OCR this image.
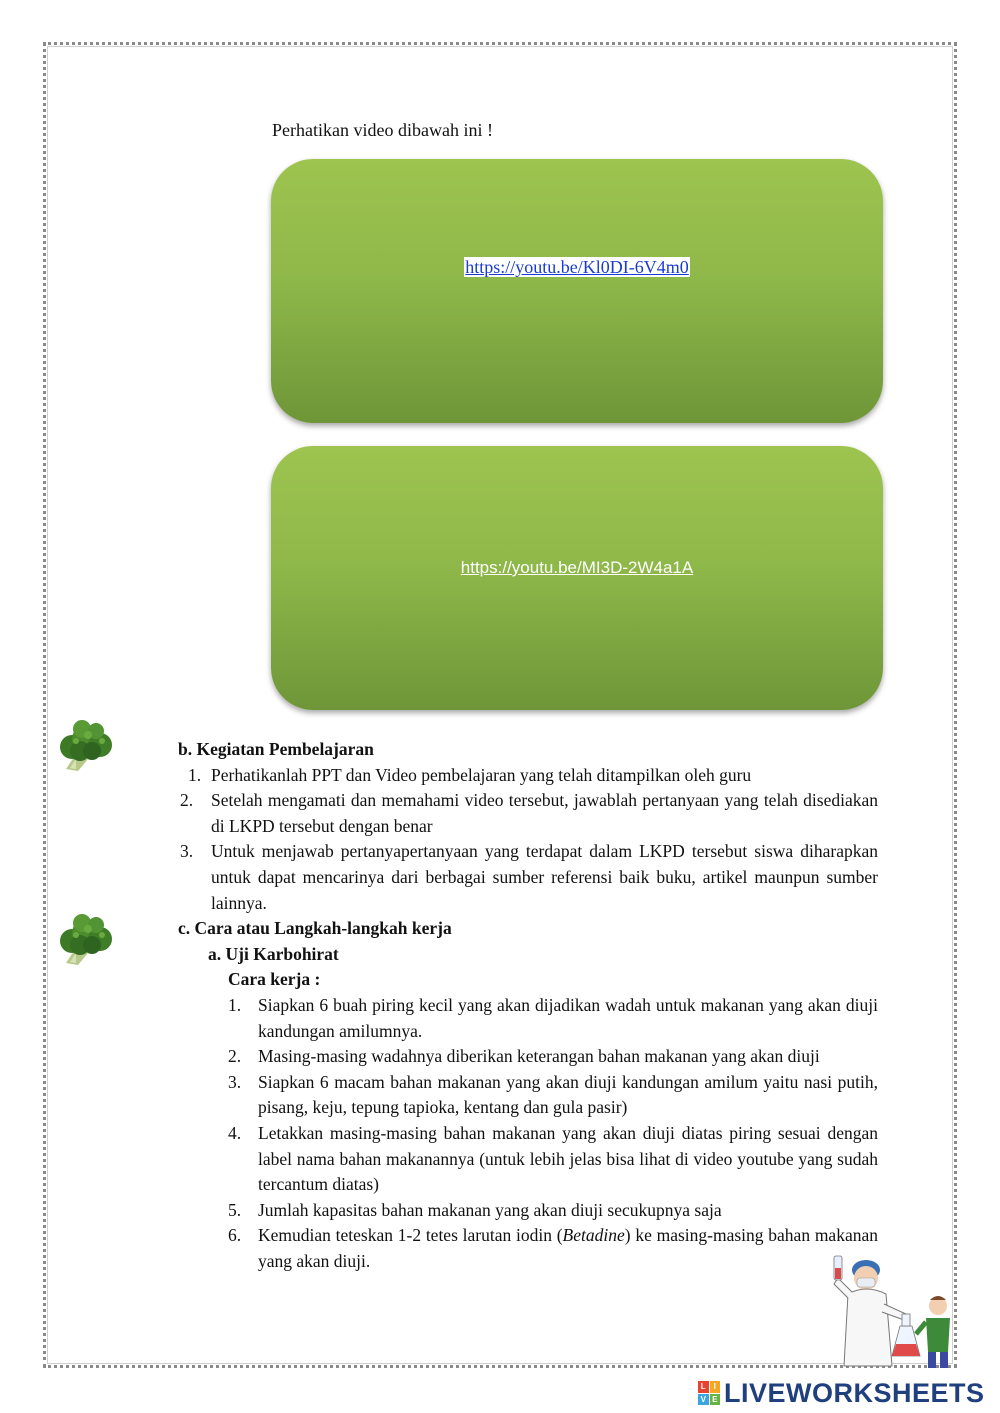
Perhatikan video dibawah ini !
https://youtu.be/Kl0DI-6V4m0
https://youtu.be/MI3D-2W4a1A
b. Kegiatan Pembelajaran
1. Perhatikanlah PPT dan Video pembelajaran yang telah ditampilkan oleh guru
2. Setelah mengamati dan memahami video tersebut, jawablah pertanyaan yang telah disediakan di LKPD tersebut dengan benar
3. Untuk menjawab pertanyapertanyaan yang terdapat dalam LKPD tersebut siswa diharapkan untuk dapat mencarinya dari berbagai sumber referensi baik buku, artikel maunpun sumber lainnya.
c. Cara atau Langkah-langkah kerja
a. Uji Karbohirat
Cara kerja :
1. Siapkan 6 buah piring kecil yang akan dijadikan wadah untuk makanan yang akan diuji kandungan amilumnya.
2. Masing-masing wadahnya diberikan keterangan bahan makanan yang akan diuji
3. Siapkan 6 macam bahan makanan yang akan diuji kandungan amilum yaitu nasi putih, pisang, keju, tepung tapioka, kentang dan gula pasir)
4. Letakkan masing-masing bahan makanan yang akan diuji diatas piring sesuai dengan label nama bahan makanannya (untuk lebih jelas bisa lihat di video youtube yang sudah tercantum diatas)
5. Jumlah kapasitas bahan makanan yang akan diuji secukupnya saja
6. Kemudian teteskan 1-2 tetes larutan iodin (Betadine) ke masing-masing bahan makanan yang akan diuji.
L I
V E LIVEWORKSHEETS
